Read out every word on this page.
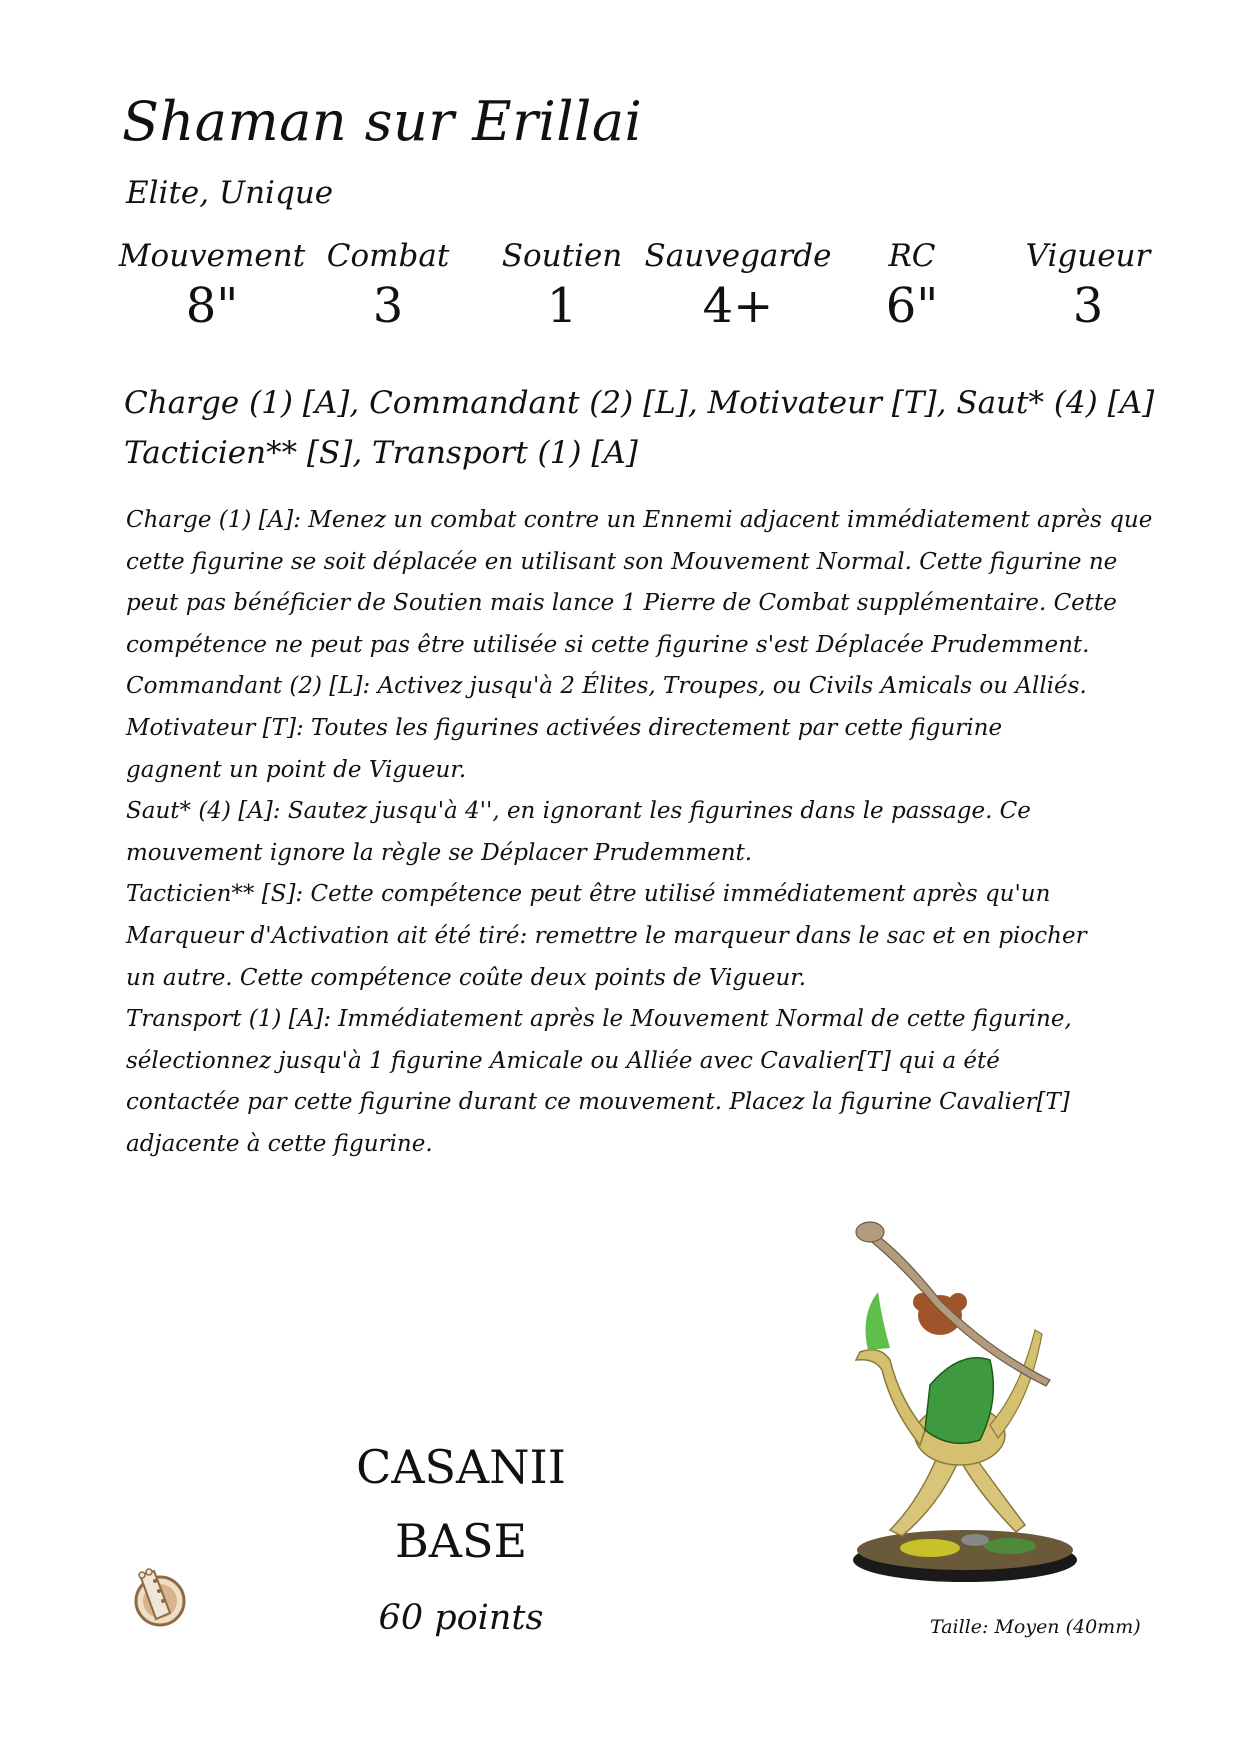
Shaman sur Erillai
Elite, Unique
Mouvement
8"
Combat
3
Soutien
1
Sauvegarde
4+
RC
6"
Vigueur
3
Charge (1) [A], Commandant (2) [L], Motivateur [T], Saut* (4) [A]
Tacticien** [S], Transport (1) [A]
Charge (1) [A]: Menez un combat contre un Ennemi adjacent immédiatement après que
cette figurine se soit déplacée en utilisant son Mouvement Normal. Cette figurine ne
peut pas bénéficier de Soutien mais lance 1 Pierre de Combat supplémentaire. Cette
compétence ne peut pas être utilisée si cette figurine s'est Déplacée Prudemment.
Commandant (2) [L]: Activez jusqu'à 2 Élites, Troupes, ou Civils Amicals ou Alliés.
Motivateur [T]: Toutes les figurines activées directement par cette figurine
gagnent un point de Vigueur.
Saut* (4) [A]: Sautez jusqu'à 4'', en ignorant les figurines dans le passage. Ce
mouvement ignore la règle se Déplacer Prudemment.
Tacticien** [S]: Cette compétence peut être utilisé immédiatement après qu'un
Marqueur d'Activation ait été tiré: remettre le marqueur dans le sac et en piocher
un autre. Cette compétence coûte deux points de Vigueur.
Transport (1) [A]: Immédiatement après le Mouvement Normal de cette figurine,
sélectionnez jusqu'à 1 figurine Amicale ou Alliée avec Cavalier[T] qui a été
contactée par cette figurine durant ce mouvement. Placez la figurine Cavalier[T]
adjacente à cette figurine.
CASANII
BASE
60 points	Taille: Moyen (40mm)
